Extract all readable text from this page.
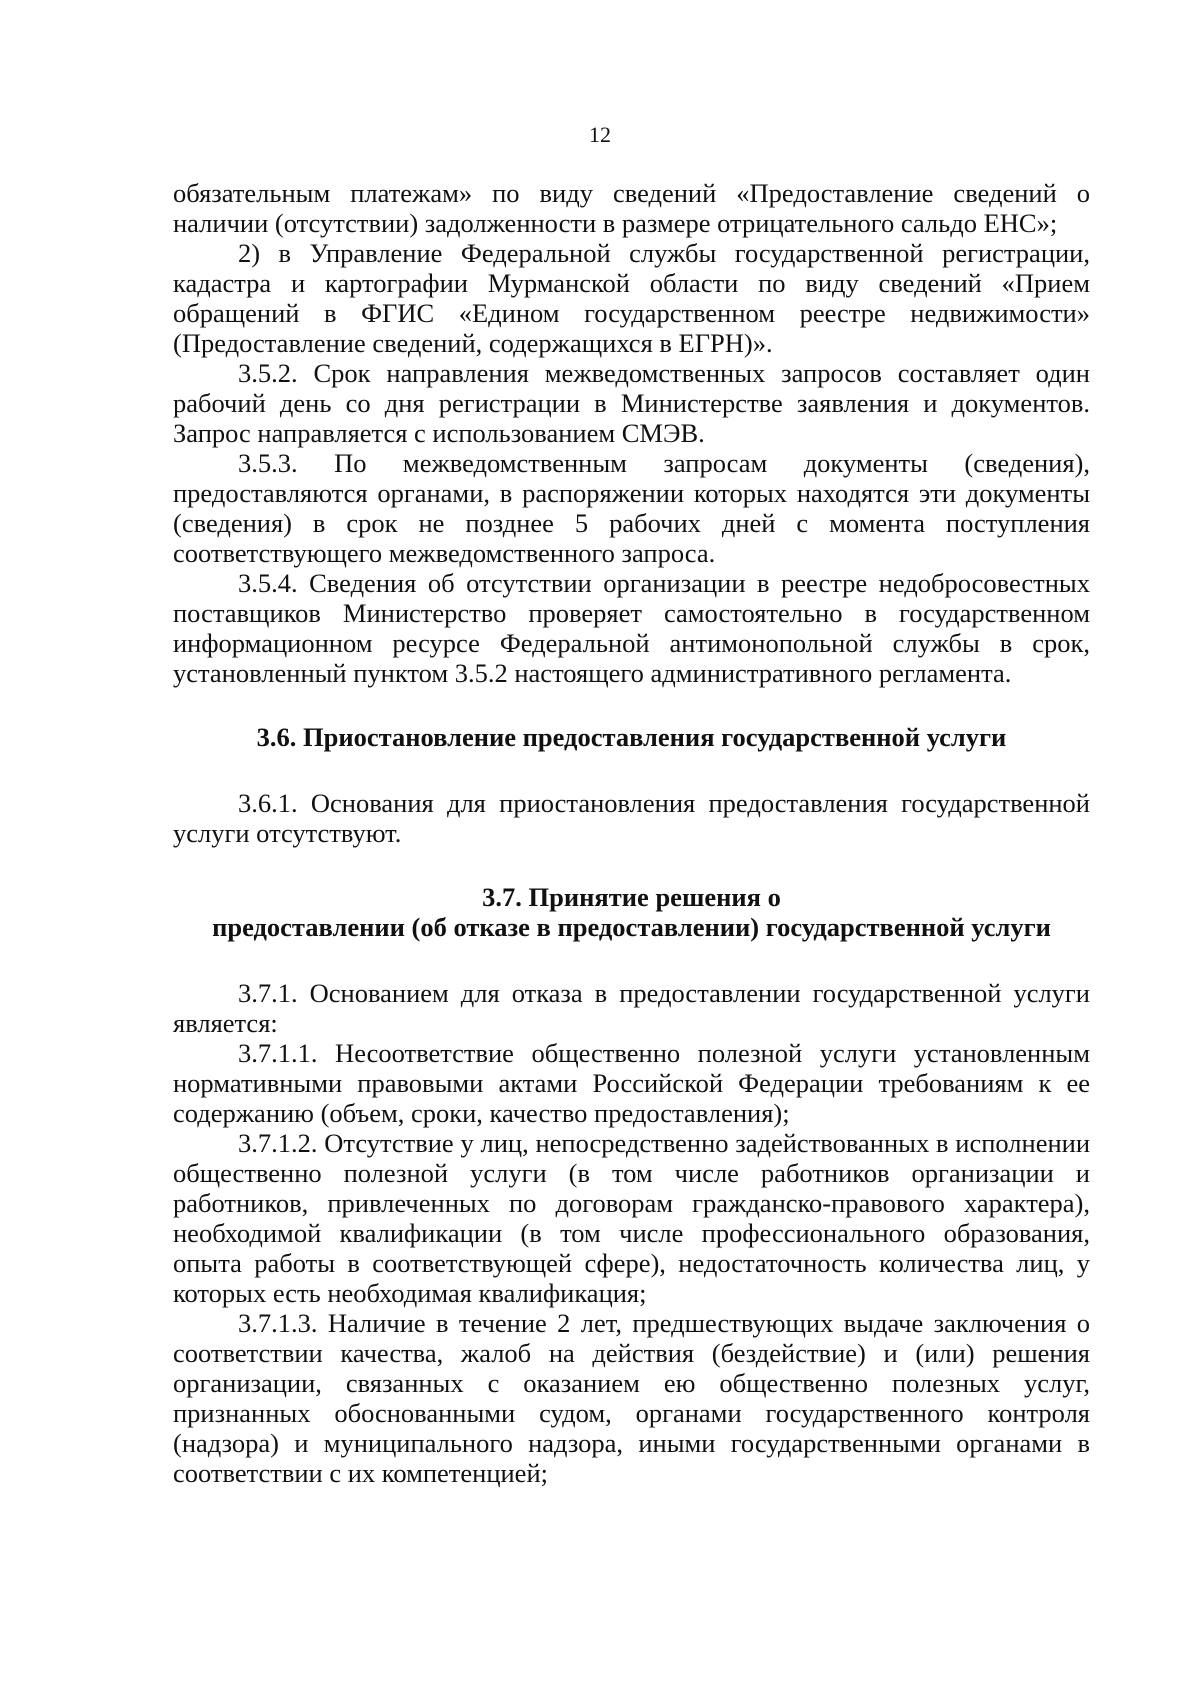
12

обязательным платежам» по виду сведений «Предоставление сведений о наличии (отсутствии) задолженности в размере отрицательного сальдо ЕНС»;

2) в Управление Федеральной службы государственной регистрации, кадастра и картографии Мурманской области по виду сведений «Прием обращений в ФГИС «Едином государственном реестре недвижимости» (Предоставление сведений, содержащихся в ЕГРН)».

3.5.2. Срок направления межведомственных запросов составляет один рабочий день со дня регистрации в Министерстве заявления и документов. Запрос направляется с использованием СМЭВ.

3.5.3. По межведомственным запросам документы (сведения), предоставляются органами, в распоряжении которых находятся эти документы (сведения) в срок не позднее 5 рабочих дней с момента поступления соответствующего межведомственного запроса.

3.5.4. Сведения об отсутствии организации в реестре недобросовестных поставщиков Министерство проверяет самостоятельно в государственном информационном ресурсе Федеральной антимонопольной службы в срок, установленный пунктом 3.5.2 настоящего административного регламента.

3.6. Приостановление предоставления государственной услуги

3.6.1. Основания для приостановления предоставления государственной услуги отсутствуют.

3.7. Принятие решения о
предоставлении (об отказе в предоставлении) государственной услуги

3.7.1. Основанием для отказа в предоставлении государственной услуги является:

3.7.1.1. Несоответствие общественно полезной услуги установленным нормативными правовыми актами Российской Федерации требованиям к ее содержанию (объем, сроки, качество предоставления);

3.7.1.2. Отсутствие у лиц, непосредственно задействованных в исполнении общественно полезной услуги (в том числе работников организации и работников, привлеченных по договорам гражданско-правового характера), необходимой квалификации (в том числе профессионального образования, опыта работы в соответствующей сфере), недостаточность количества лиц, у которых есть необходимая квалификация;

3.7.1.3. Наличие в течение 2 лет, предшествующих выдаче заключения о соответствии качества, жалоб на действия (бездействие) и (или) решения организации, связанных с оказанием ею общественно полезных услуг, признанных обоснованными судом, органами государственного контроля (надзора) и муниципального надзора, иными государственными органами в соответствии с их компетенцией;
